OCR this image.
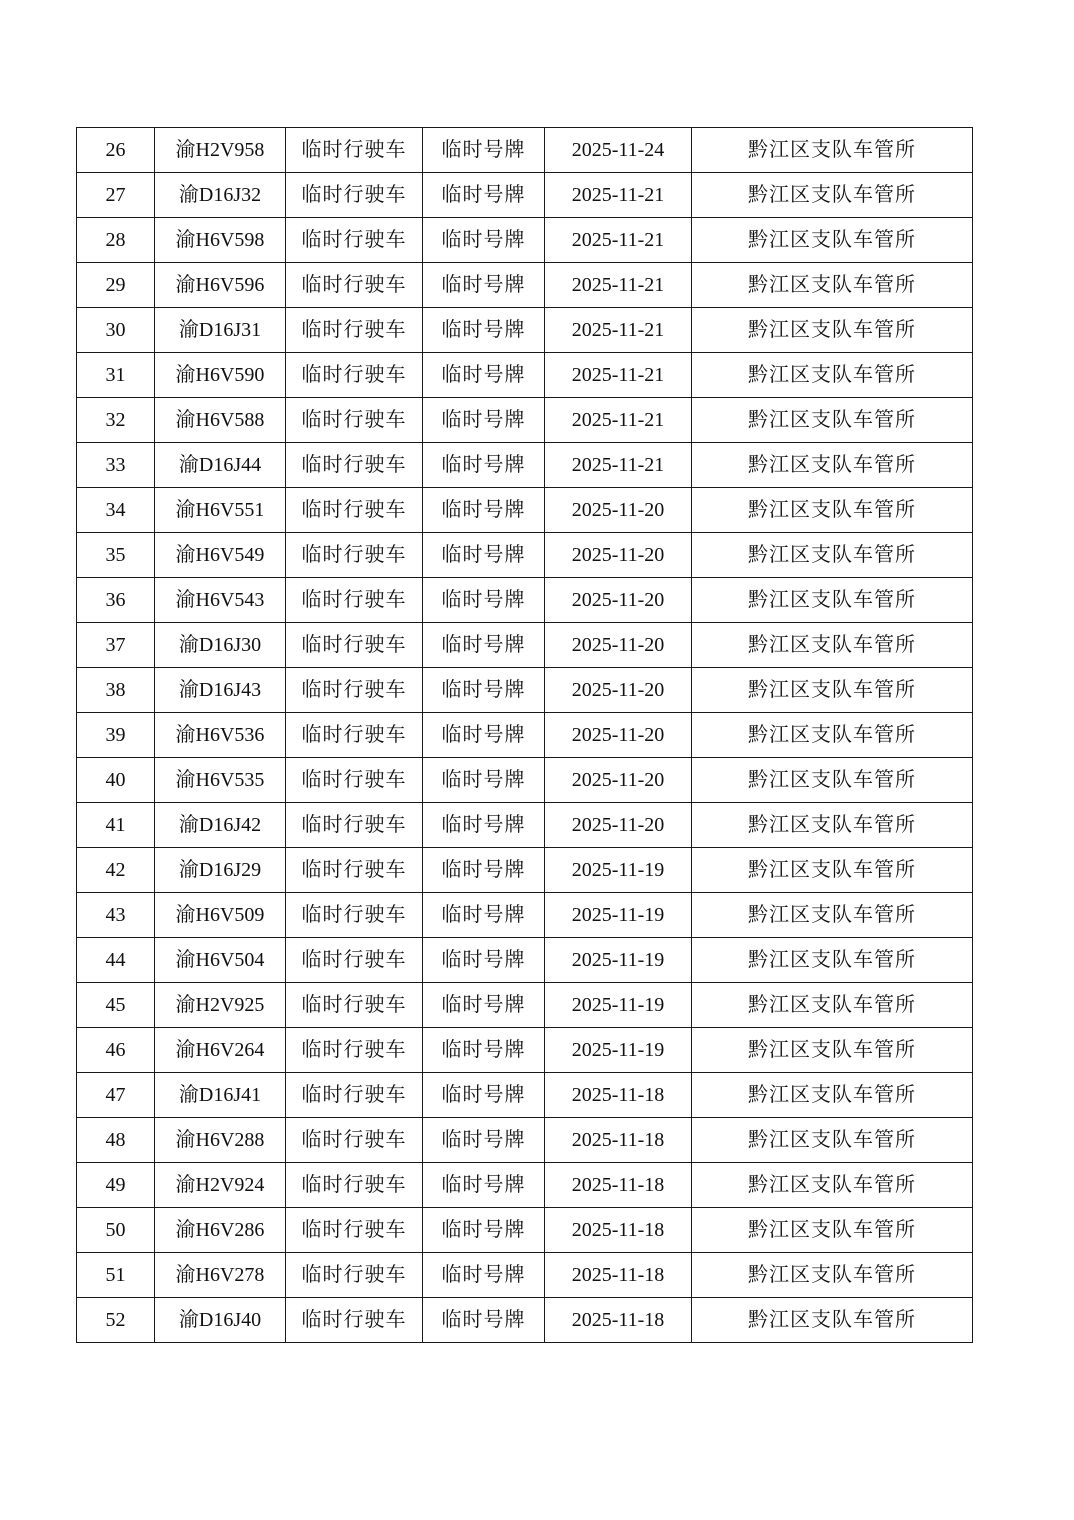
26	渝H2V958	临时行驶车	临时号牌	2025-11-24	黔江区支队车管所
27	渝D16J32	临时行驶车	临时号牌	2025-11-21	黔江区支队车管所
28	渝H6V598	临时行驶车	临时号牌	2025-11-21	黔江区支队车管所
29	渝H6V596	临时行驶车	临时号牌	2025-11-21	黔江区支队车管所
30	渝D16J31	临时行驶车	临时号牌	2025-11-21	黔江区支队车管所
31	渝H6V590	临时行驶车	临时号牌	2025-11-21	黔江区支队车管所
32	渝H6V588	临时行驶车	临时号牌	2025-11-21	黔江区支队车管所
33	渝D16J44	临时行驶车	临时号牌	2025-11-21	黔江区支队车管所
34	渝H6V551	临时行驶车	临时号牌	2025-11-20	黔江区支队车管所
35	渝H6V549	临时行驶车	临时号牌	2025-11-20	黔江区支队车管所
36	渝H6V543	临时行驶车	临时号牌	2025-11-20	黔江区支队车管所
37	渝D16J30	临时行驶车	临时号牌	2025-11-20	黔江区支队车管所
38	渝D16J43	临时行驶车	临时号牌	2025-11-20	黔江区支队车管所
39	渝H6V536	临时行驶车	临时号牌	2025-11-20	黔江区支队车管所
40	渝H6V535	临时行驶车	临时号牌	2025-11-20	黔江区支队车管所
41	渝D16J42	临时行驶车	临时号牌	2025-11-20	黔江区支队车管所
42	渝D16J29	临时行驶车	临时号牌	2025-11-19	黔江区支队车管所
43	渝H6V509	临时行驶车	临时号牌	2025-11-19	黔江区支队车管所
44	渝H6V504	临时行驶车	临时号牌	2025-11-19	黔江区支队车管所
45	渝H2V925	临时行驶车	临时号牌	2025-11-19	黔江区支队车管所
46	渝H6V264	临时行驶车	临时号牌	2025-11-19	黔江区支队车管所
47	渝D16J41	临时行驶车	临时号牌	2025-11-18	黔江区支队车管所
48	渝H6V288	临时行驶车	临时号牌	2025-11-18	黔江区支队车管所
49	渝H2V924	临时行驶车	临时号牌	2025-11-18	黔江区支队车管所
50	渝H6V286	临时行驶车	临时号牌	2025-11-18	黔江区支队车管所
51	渝H6V278	临时行驶车	临时号牌	2025-11-18	黔江区支队车管所
52	渝D16J40	临时行驶车	临时号牌	2025-11-18	黔江区支队车管所
